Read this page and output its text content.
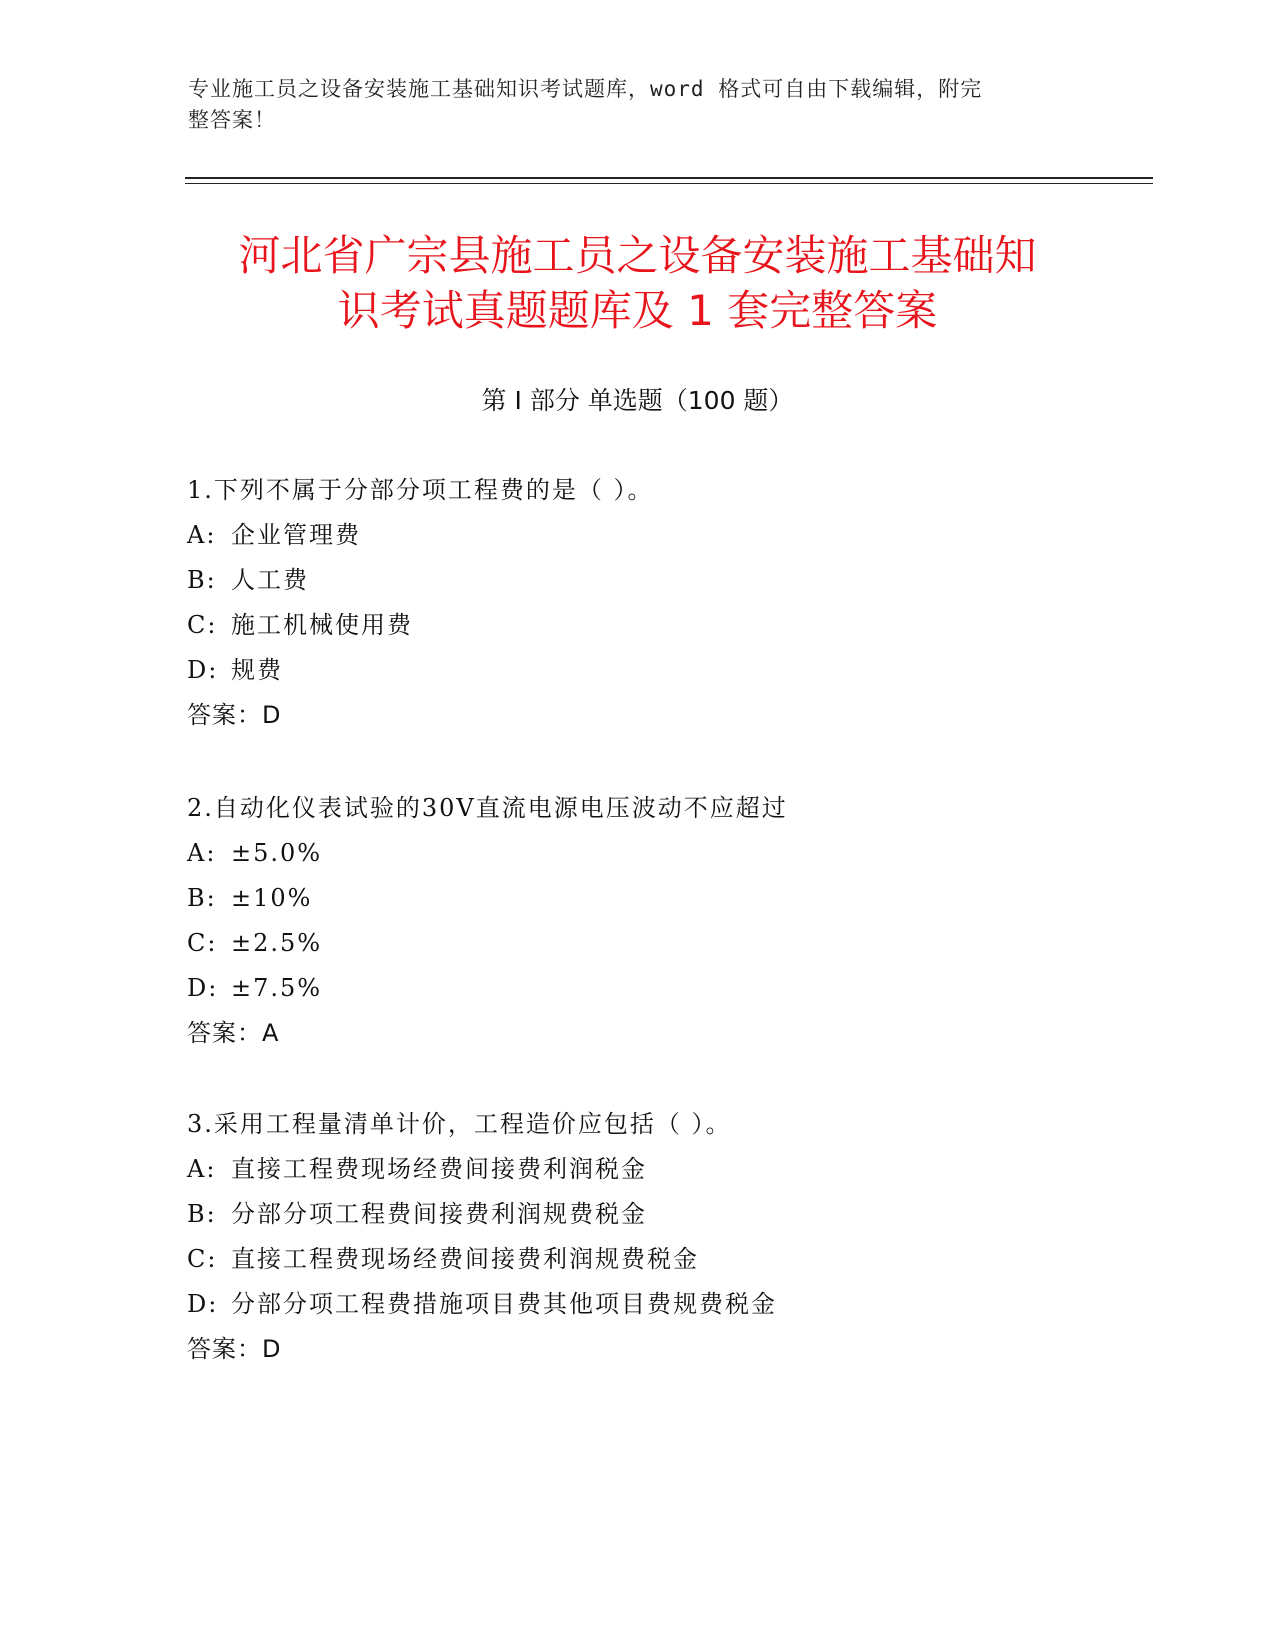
专业施工员之设备安装施工基础知识考试题库，word 格式可自由下载编辑，附完
整答案！
河北省广宗县施工员之设备安装施工基础知
识考试真题题库及 1 套完整答案
第 I 部分 单选题（100 题）
1.下列不属于分部分项工程费的是（ ）。
A: 企业管理费
B: 人工费
C: 施工机械使用费
D: 规费
答案：D
2.自动化仪表试验的30V直流电源电压波动不应超过
A: ±5.0%
B: ±10%
C: ±2.5%
D: ±7.5%
答案：A
3.采用工程量清单计价，工程造价应包括（ ）。
A: 直接工程费现场经费间接费利润税金
B: 分部分项工程费间接费利润规费税金
C: 直接工程费现场经费间接费利润规费税金
D: 分部分项工程费措施项目费其他项目费规费税金
答案：D
